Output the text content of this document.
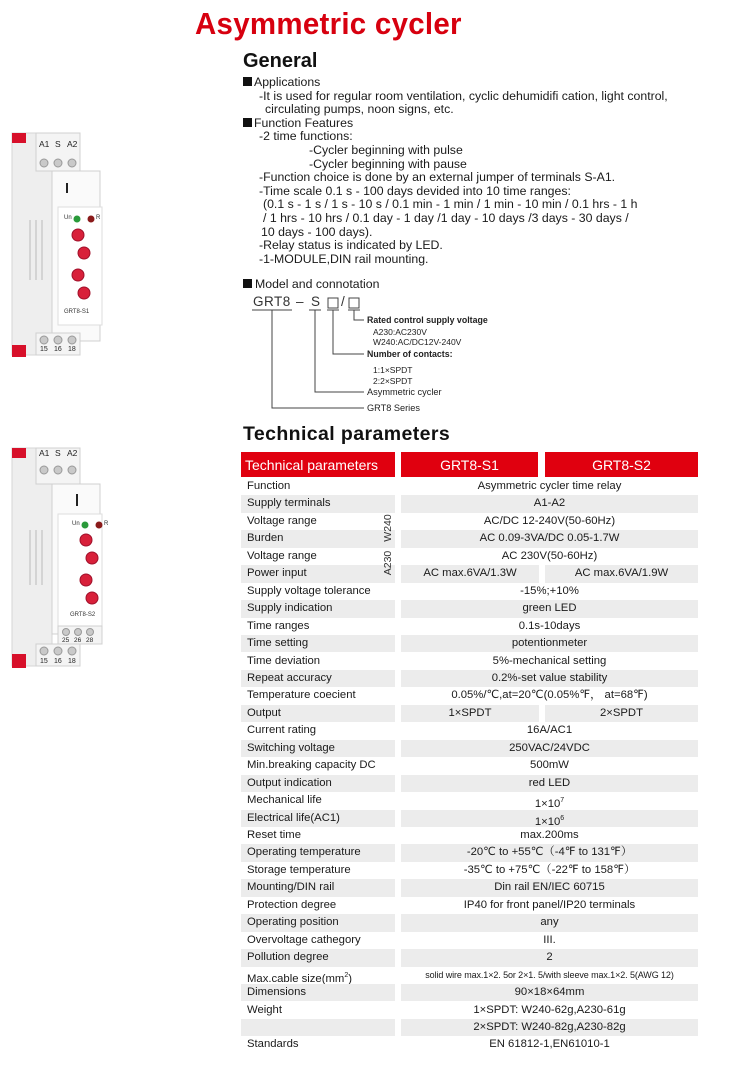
Asymmetric cycler
General
Applications
-It is used for regular room ventilation, cyclic dehumidifi cation, light control,
circulating pumps, noon signs, etc.
Function Features
-2 time functions:
-Cycler beginning with pulse
-Cycler beginning with pause
-Function choice is done by an external jumper of terminals S-A1.
-Time scale 0.1 s - 100 days devided into 10 time ranges:
(0.1 s - 1 s / 1 s - 10 s / 0.1 min - 1 min / 1 min - 10 min / 0.1 hrs - 1 h
/ 1 hrs - 10 hrs / 0.1 day - 1 day /1 day - 10 days /3 days - 30 days /
10 days - 100 days).
-Relay status is indicated by LED.
-1-MODULE,DIN rail mounting.
Model and connotation
GRT8 – S /
Rated control supply voltage
A230:AC230V
W240:AC/DC12V-240V
Number of contacts:
1:1×SPDT
2:2×SPDT
Asymmetric cycler
GRT8 Series
A1 S A2
Un	R
GRT8-S1
15 16 18
A1 S A2
Un	R
GRT8-S2
25 26 28
15 16 18
Technical parameters
Technical parameters	GRT8-S1	GRT8-S2
Function	Asymmetric cycler time relay
Supply terminals	A1-A2
Voltage range	AC/DC 12-240V(50-60Hz)
Burden	AC 0.09-3VA/DC 0.05-1.7W
Voltage range	AC 230V(50-60Hz)
Power input	AC max.6VA/1.3W	AC max.6VA/1.9W
Supply voltage tolerance	-15%;+10%
Supply indication	green LED
Time ranges	0.1s-10days
Time setting	potentionmeter
Time deviation	5%-mechanical setting
Repeat accuracy	0.2%-set value stability
Temperature coecient	0.05%/℃,at=20℃(0.05%℉， at=68℉)
Output	1×SPDT	2×SPDT
Current rating	16A/AC1
Switching voltage	250VAC/24VDC
Min.breaking capacity DC	500mW
Output indication	red LED
Mechanical life	$1\times 10^7$
Electrical life(AC1)	$1\times 10^6$
Reset time	max.200ms
Operating temperature	-20℃ to +55℃（-4℉ to 131℉）
Storage temperature	-35℃ to +75℃（-22℉ to 158℉）
Mounting/DIN rail	Din rail EN/IEC 60715
Protection degree	IP40 for front panel/IP20 terminals
Operating position	any
Overvoltage cathegory	III.
Pollution degree	2
Max.cable $size(mm^2)$	solid wire max.1×2. 5or 2×1. 5/with sleeve max.1×2. 5(AWG 12)
Dimensions	90×18×64mm
Weight	1×SPDT: W240-62g,A230-61g
2×SPDT: W240-82g,A230-82g
Standards	EN 61812-1,EN61010-1
W240
A230
